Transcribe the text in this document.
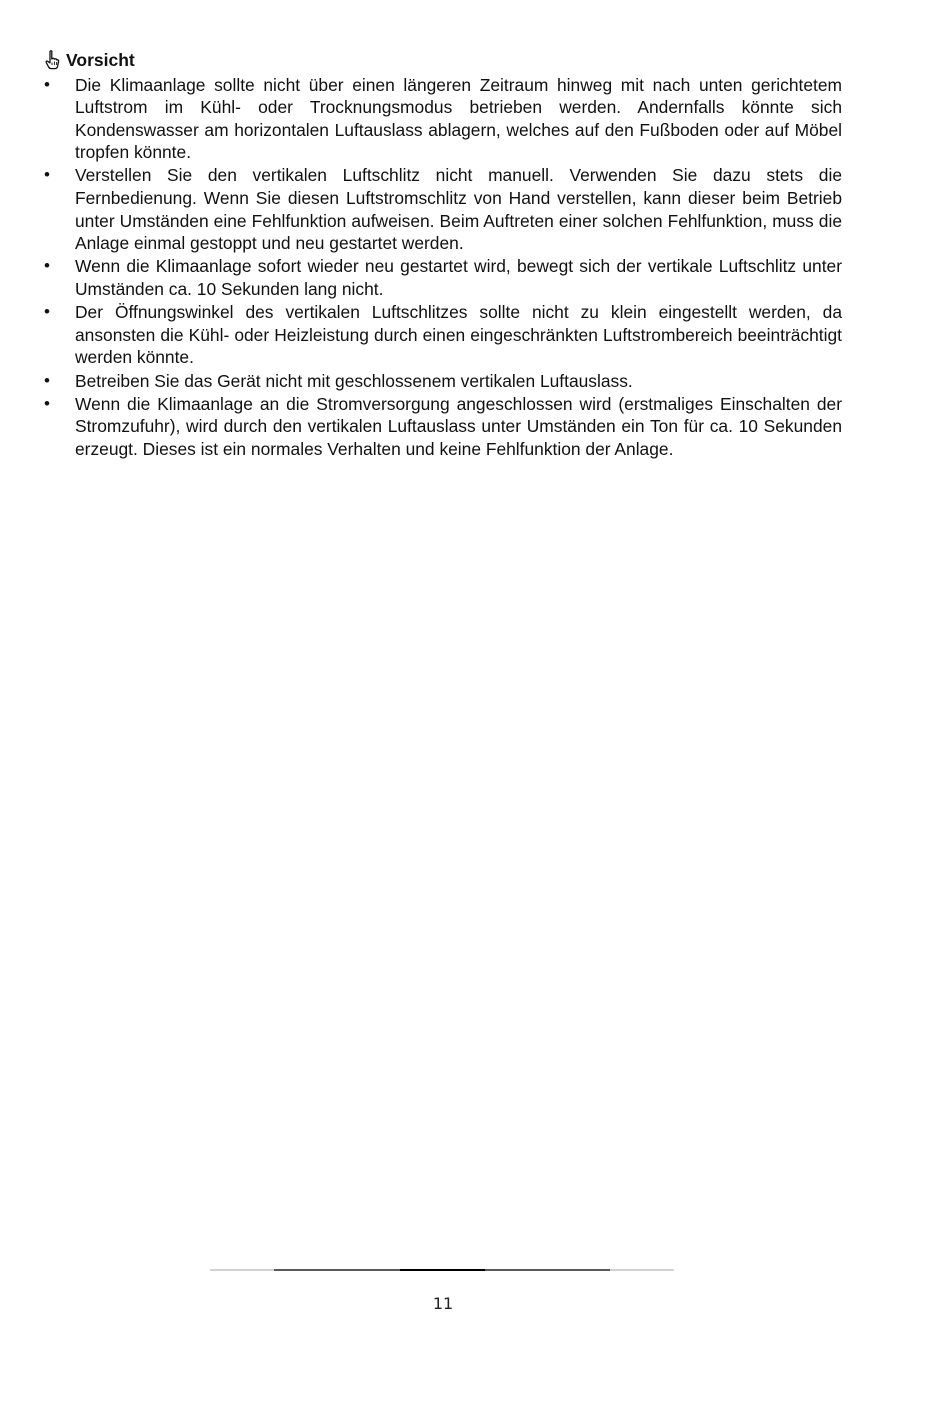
Vorsicht
• Die Klimaanlage sollte nicht über einen längeren Zeitraum hinweg mit nach unten gerichtetem Luftstrom im Kühl- oder Trocknungsmodus betrieben werden. Andernfalls könnte sich Kondenswasser am horizontalen Luftauslass ablagern, welches auf den Fußboden oder auf Möbel tropfen könnte.
• Verstellen Sie den vertikalen Luftschlitz nicht manuell. Verwenden Sie dazu stets die Fernbedienung. Wenn Sie diesen Luftstromschlitz von Hand verstellen, kann dieser beim Betrieb unter Umständen eine Fehlfunktion aufweisen. Beim Auftreten einer solchen Fehlfunktion, muss die Anlage einmal gestoppt und neu gestartet werden.
• Wenn die Klimaanlage sofort wieder neu gestartet wird, bewegt sich der vertikale Luftschlitz unter Umständen ca. 10 Sekunden lang nicht.
• Der Öffnungswinkel des vertikalen Luftschlitzes sollte nicht zu klein eingestellt werden, da ansonsten die Kühl- oder Heizleistung durch einen eingeschränkten Luftstrombereich beeinträchtigt werden könnte.
• Betreiben Sie das Gerät nicht mit geschlossenem vertikalen Luftauslass.
• Wenn die Klimaanlage an die Stromversorgung angeschlossen wird (erstmaliges Einschalten der Stromzufuhr), wird durch den vertikalen Luftauslass unter Umständen ein Ton für ca. 10 Sekunden erzeugt. Dieses ist ein normales Verhalten und keine Fehlfunktion der Anlage.
11
